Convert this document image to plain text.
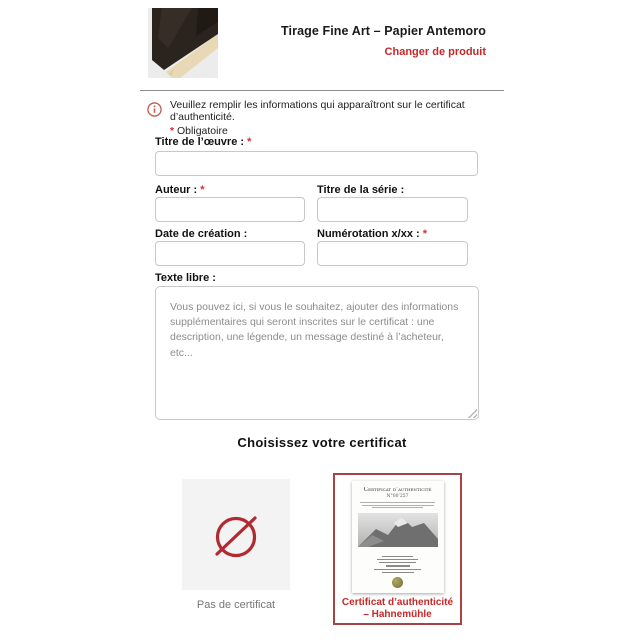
Tirage Fine Art – Papier Antemoro
Changer de produit
Veuillez remplir les informations qui apparaîtront sur le certificat d’authenticité.
* Obligatoire
Titre de l’œuvre : *
Auteur : *	Titre de la série :
Date de création :	Numérotation x/xx : *
Texte libre :
Vous pouvez ici, si vous le souhaitez, ajouter des informations supplémentaires qui seront inscrites sur le certificat : une description, une légende, un message destiné à l’acheteur, etc...
Choisissez votre certificat
Pas de certificat
Certificat d’authenticité
N°00’257
Certificat d’authenticité – Hahnemühle
